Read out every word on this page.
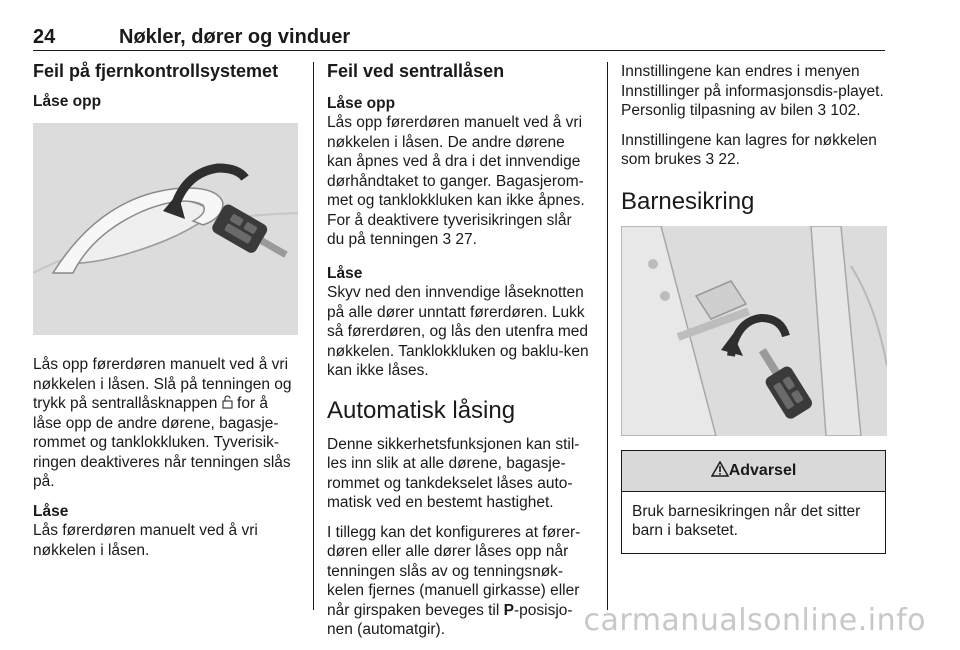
24	Nøkler, dører og vinduer
Feil på fjernkontrollsystemet
Låse opp

Lås opp førerdøren manuelt ved å vri nøkkelen i låsen. Slå på tenningen og trykk på sentrallåsknappen for å låse opp de andre dørene, bagasje-rommet og tanklokkluken. Tyverisik-ringen deaktiveres når tenningen slås på.

Låse

Lås førerdøren manuelt ved å vri nøkkelen i låsen.

Feil ved sentrallåsen
Låse opp

Lås opp førerdøren manuelt ved å vri nøkkelen i låsen. De andre dørene kan åpnes ved å dra i det innvendige dørhåndtaket to ganger. Bagasjerom-met og tanklokkluken kan ikke åpnes. For å deaktivere tyverisikringen slår du på tenningen 3 27.

Låse

Skyv ned den innvendige låseknotten på alle dører unntatt førerdøren. Lukk så førerdøren, og lås den utenfra med nøkkelen. Tanklokkluken og baklu-ken kan ikke låses.

Automatisk låsing

Denne sikkerhetsfunksjonen kan stil-les inn slik at alle dørene, bagasje-rommet og tankdekselet låses auto-matisk ved en bestemt hastighet.

I tillegg kan det konfigureres at fører-døren eller alle dører låses opp når tenningen slås av og tenningsnøk-kelen fjernes (manuell girkasse) eller når girspaken beveges til P-posisjo-nen (automatgir).

Innstillingene kan endres i menyen Innstillinger på informasjonsdis-playet. Personlig tilpasning av bilen 3 102.

Innstillingene kan lagres for nøkkelen som brukes 3 22.

Barnesikring
Advarsel
Bruk barnesikringen når det sitter barn i baksetet.
carmanualsonline.info
